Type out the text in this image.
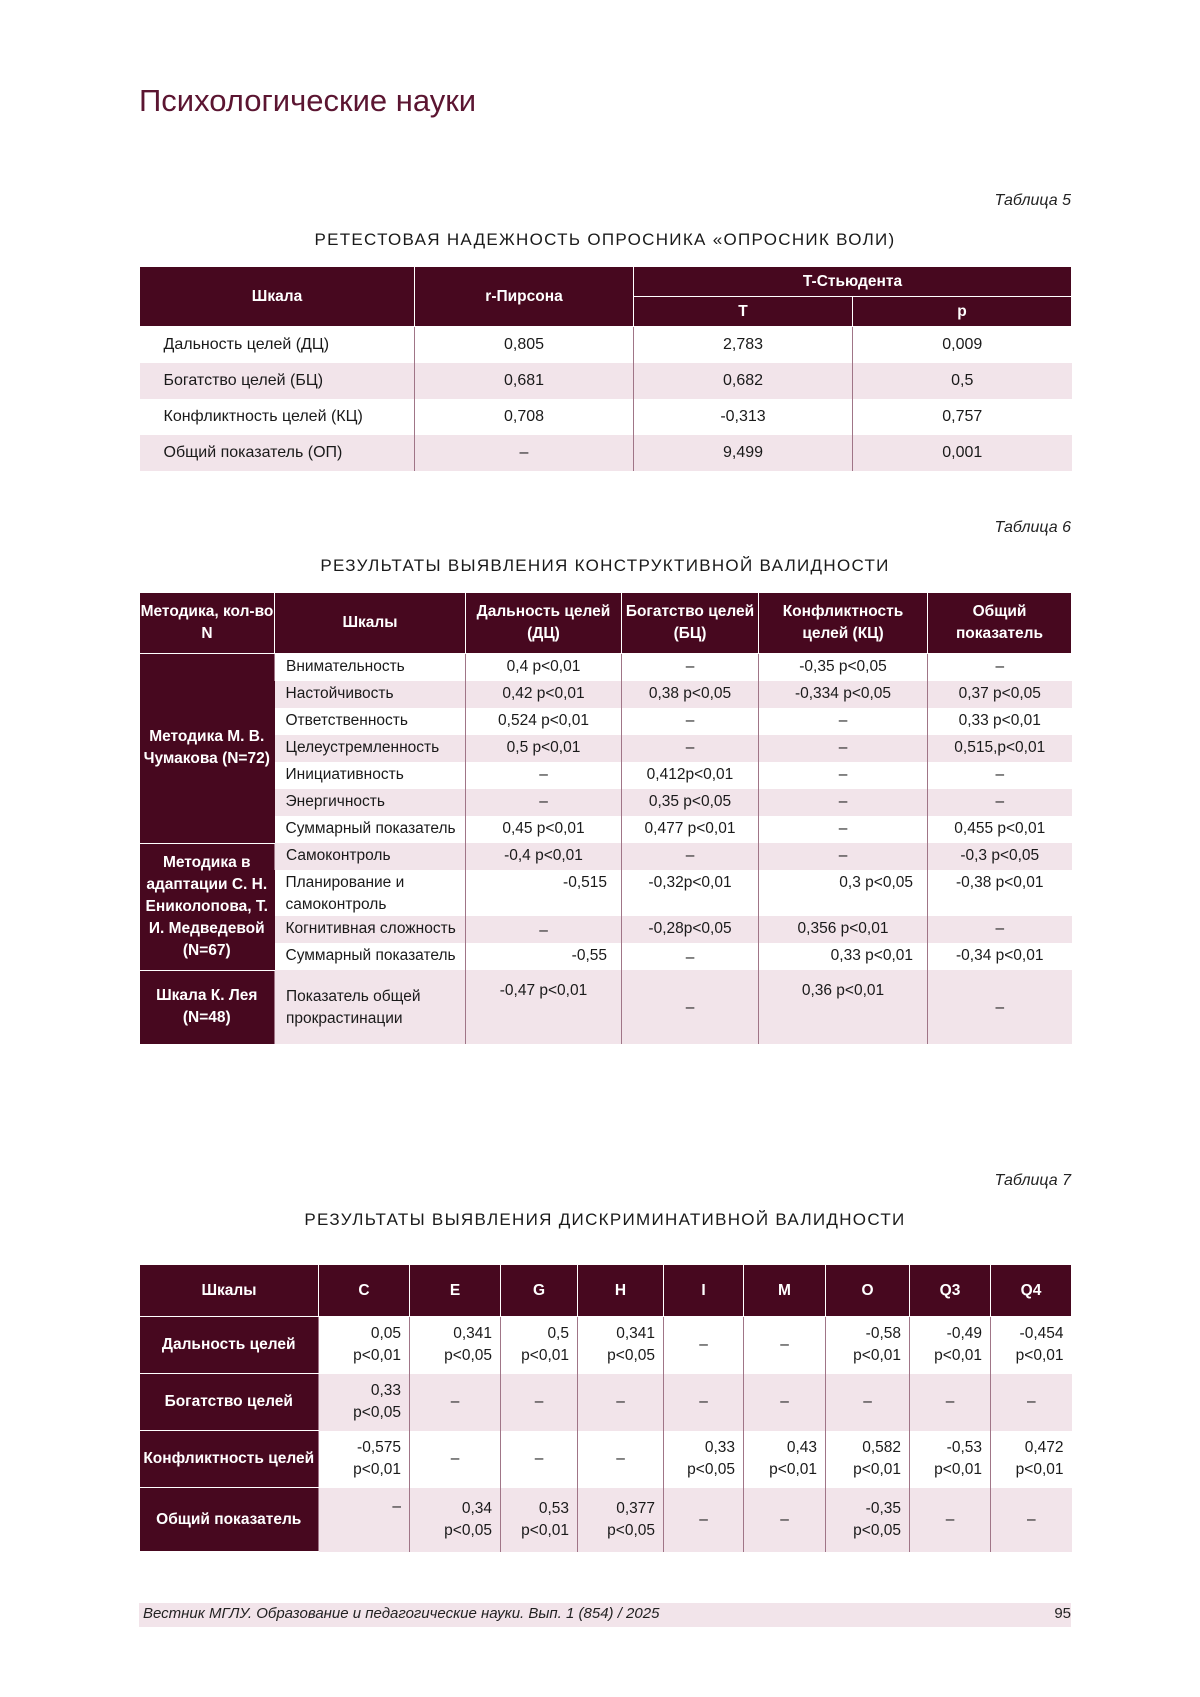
Психологические науки
Таблица 5
РЕТЕСТОВАЯ НАДЕЖНОСТЬ ОПРОСНИКА «ОПРОСНИК ВОЛИ)
Шкала	r-Пирсона	T-Стьюдента
T	p
Дальность целей (ДЦ)	0,805	2,783	0,009
Богатство целей (БЦ)	0,681	0,682	0,5
Конфликтность целей (КЦ)	0,708	-0,313	0,757
Общий показатель (ОП)	–	9,499	0,001
Таблица 6
РЕЗУЛЬТАТЫ ВЫЯВЛЕНИЯ КОНСТРУКТИВНОЙ ВАЛИДНОСТИ
Методика, кол-во N	Шкалы	Дальность целей (ДЦ)	Богатство целей (БЦ)	Конфликтность целей (КЦ)	Общий показатель
Методика М. В. Чумакова (N=72)	Внимательность	0,4 p<0,01	–	-0,35 p<0,05	–
Настойчивость	0,42 p<0,01	0,38 p<0,05	-0,334 p<0,05	0,37 p<0,05
Ответственность	0,524 p<0,01	–	–	0,33 p<0,01
Целеустремленность	0,5 p<0,01	–	–	0,515,p<0,01
Инициативность	–	0,412p<0,01	–	–
Энергичность	–	0,35 p<0,05	–	–
Суммарный показатель	0,45 p<0,01	0,477 p<0,01	–	0,455 p<0,01
Методика в адаптации С. Н. Ениколопова, Т. И. Медведевой (N=67)	Самоконтроль	-0,4 p<0,01	–	–	-0,3 p<0,05
Планирование и самоконтроль	-0,515	-0,32p<0,01	0,3 p<0,05	-0,38 p<0,01
Когнитивная сложность	–	-0,28p<0,05	0,356 p<0,01	–
Суммарный показатель	-0,55	–	0,33 p<0,01	-0,34 p<0,01
Шкала К. Лея (N=48)	Показатель общей прокрастинации	-0,47 p<0,01	–	0,36 p<0,01	–
Таблица 7
РЕЗУЛЬТАТЫ ВЫЯВЛЕНИЯ ДИСКРИМИНАТИВНОЙ ВАЛИДНОСТИ
Шкалы	C	E	G	H	I	M	O	Q3	Q4
Дальность целей	0,05 p<0,01	0,341 p<0,05	0,5 p<0,01	0,341 p<0,05	–	–	-0,58 p<0,01	-0,49 p<0,01	-0,454 p<0,01
Богатство целей	0,33 p<0,05	–	–	–	–	–	–	–	–
Конфликтность целей	-0,575 p<0,01	–	–	–	0,33 p<0,05	0,43 p<0,01	0,582 p<0,01	-0,53 p<0,01	0,472 p<0,01
Общий показатель	–	0,34 p<0,05	0,53 p<0,01	0,377 p<0,05	–	–	-0,35 p<0,05	–	–
Вестник МГЛУ. Образование и педагогические науки. Вып. 1 (854) / 2025	95
